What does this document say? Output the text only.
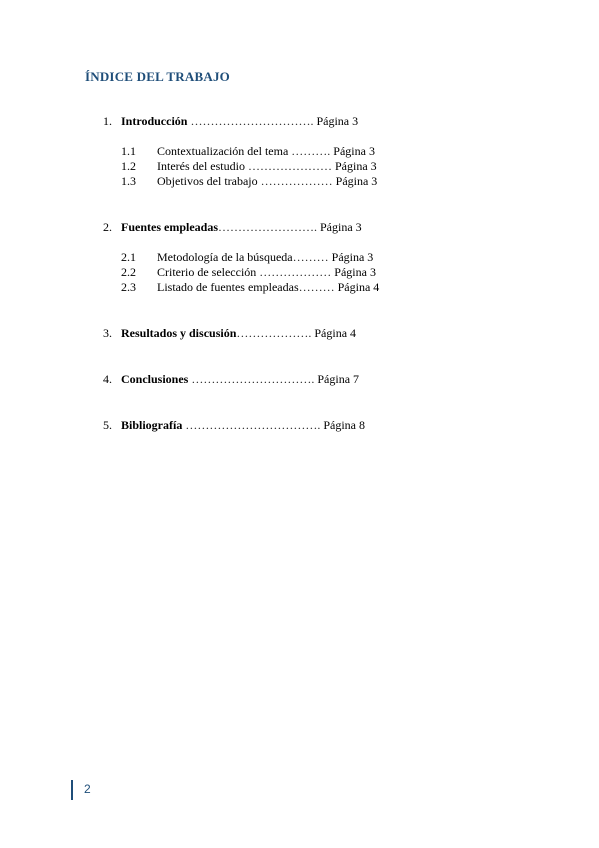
ÍNDICE DEL TRABAJO
1. Introducción …………………………. Página 3
1.1 Contextualización del tema ………. Página 3
1.2 Interés del estudio ………………… Página 3
1.3 Objetivos del trabajo ……………… Página 3
2. Fuentes empleadas……………………. Página 3
2.1 Metodología de la búsqueda……… Página 3
2.2 Criterio de selección ……………… Página 3
2.3 Listado de fuentes empleadas……… Página 4
3. Resultados y discusión………………. Página 4
4. Conclusiones …………………………. Página 7
5. Bibliografía ……………………………. Página 8
2
